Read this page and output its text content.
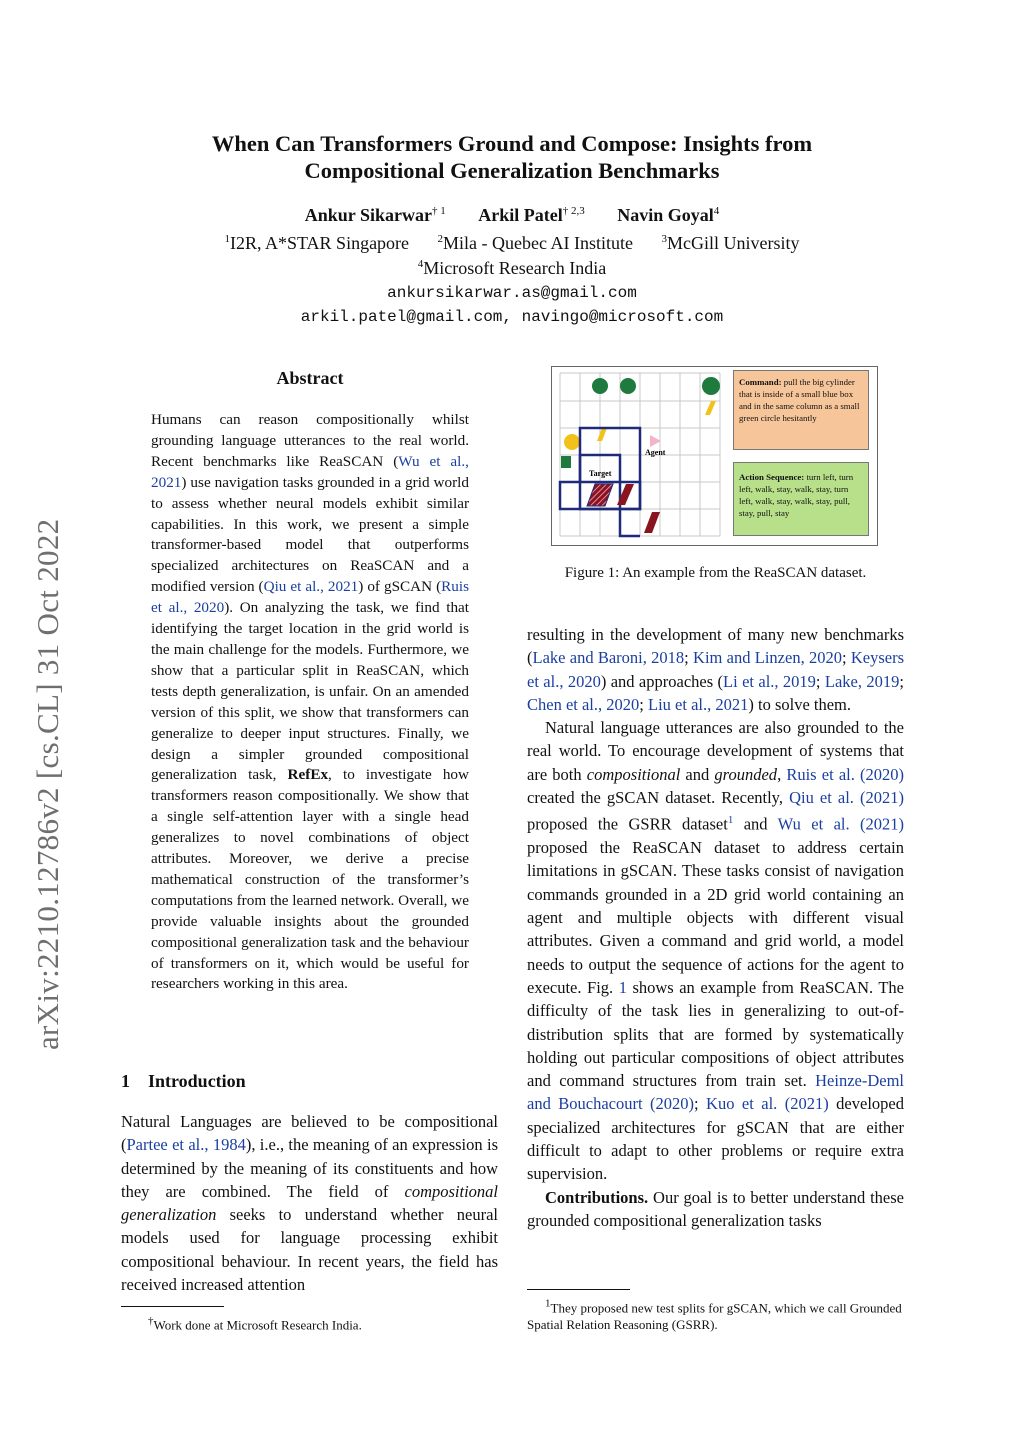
arXiv:2210.12786v2 [cs.CL] 31 Oct 2022
When Can Transformers Ground and Compose: Insights from
Compositional Generalization Benchmarks
Ankur Sikarwar$^{\dagger 1}$ Arkil Patel$^{\dagger 2,3}$ Navin Goyal$^4$
$^1$I2R, A*STAR Singapore	$^2$Mila - Quebec AI Institute	$^3$McGill University
$^4$Microsoft Research India
ankursikarwar.as@gmail.com
arkil.patel@gmail.com, navingo@microsoft.com
Abstract
Humans can reason compositionally whilst grounding language utterances to the real world. Recent benchmarks like ReaSCAN (Wu et al., 2021) use navigation tasks grounded in a grid world to assess whether neural models exhibit similar capabilities. In this work, we present a simple transformer-based model that outperforms specialized architectures on ReaSCAN and a modified version (Qiu et al., 2021) of gSCAN (Ruis et al., 2020). On analyzing the task, we find that identifying the target location in the grid world is the main challenge for the models. Furthermore, we show that a particular split in ReaSCAN, which tests depth generalization, is unfair. On an amended version of this split, we show that transformers can generalize to deeper input structures. Finally, we design a simpler grounded compositional generalization task, RefEx, to investigate how transformers reason compositionally. We show that a single self-attention layer with a single head generalizes to novel combinations of object attributes. Moreover, we derive a precise mathematical construction of the transformer’s computations from the learned network. Overall, we provide valuable insights about the grounded compositional generalization task and the behaviour of transformers on it, which would be useful for researchers working in this area.
1 Introduction

Natural Languages are believed to be compositional (Partee et al., 1984), i.e., the meaning of an expression is determined by the meaning of its constituents and how they are combined. The field of compositional generalization seeks to understand whether neural models used for language processing exhibit compositional behaviour. In recent years, the field has received increased attention

†Work done at Microsoft Research India.
Agent
Target
Command: pull the big cylinder that is inside of a small blue box and in the same column as a small green circle hesitantly
Action Sequence: turn left, turn left, walk, stay, walk, stay, turn left, walk, stay, walk, stay, pull, stay, pull, stay
Figure 1: An example from the ReaSCAN dataset.

resulting in the development of many new benchmarks (Lake and Baroni, 2018; Kim and Linzen, 2020; Keysers et al., 2020) and approaches (Li et al., 2019; Lake, 2019; Chen et al., 2020; Liu et al., 2021) to solve them.

Natural language utterances are also grounded to the real world. To encourage development of systems that are both compositional and grounded, Ruis et al. (2020) created the gSCAN dataset. Recently, Qiu et al. (2021) proposed the GSRR dataset$^1$ and Wu et al. (2021) proposed the ReaSCAN dataset to address certain limitations in gSCAN. These tasks consist of navigation commands grounded in a 2D grid world containing an agent and multiple objects with different visual attributes. Given a command and grid world, a model needs to output the sequence of actions for the agent to execute. Fig. 1 shows an example from ReaSCAN. The difficulty of the task lies in generalizing to out-of-distribution splits that are formed by systematically holding out particular compositions of object attributes and command structures from train set. Heinze-Deml and Bouchacourt (2020); Kuo et al. (2021) developed specialized architectures for gSCAN that are either difficult to adapt to other problems or require extra supervision.

Contributions. Our goal is to better understand these grounded compositional generalization tasks

$^1$They proposed new test splits for gSCAN, which we call Grounded Spatial Relation Reasoning (GSRR).
